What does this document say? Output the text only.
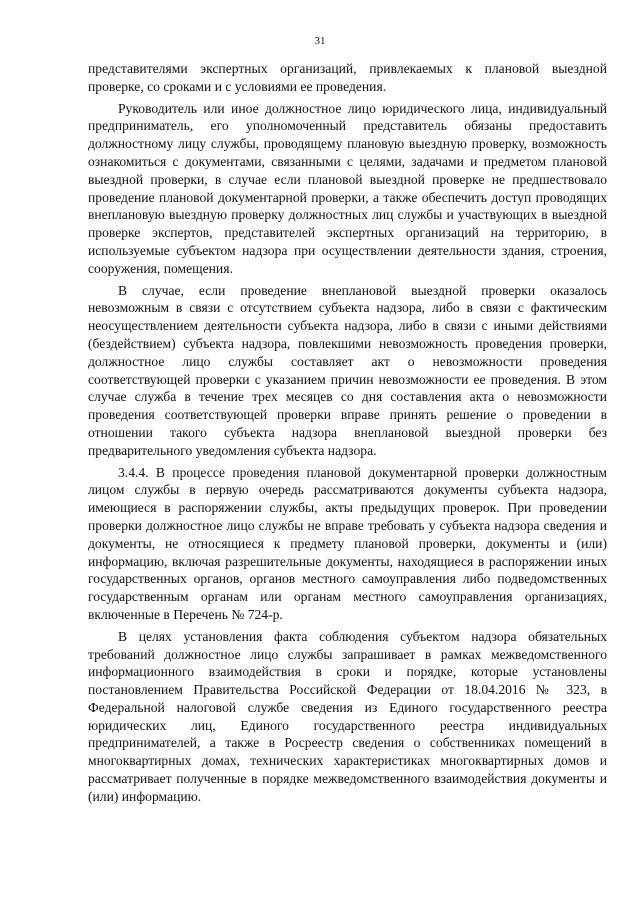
31

представителями экспертных организаций, привлекаемых к плановой выездной проверке, со сроками и с условиями ее проведения.

Руководитель или иное должностное лицо юридического лица, индивидуальный предприниматель, его уполномоченный представитель обязаны предоставить должностному лицу службы, проводящему плановую выездную проверку, возможность ознакомиться с документами, связанными с целями, задачами и предметом плановой выездной проверки, в случае если плановой выездной проверке не предшествовало проведение плановой документарной проверки, а также обеспечить доступ проводящих внеплановую выездную проверку должностных лиц службы и участвующих в выездной проверке экспертов, представителей экспертных организаций на территорию, в используемые субъектом надзора при осуществлении деятельности здания, строения, сооружения, помещения.

В случае, если проведение внеплановой выездной проверки оказалось невозможным в связи с отсутствием субъекта надзора, либо в связи с фактическим неосуществлением деятельности субъекта надзора, либо в связи с иными действиями (бездействием) субъекта надзора, повлекшими невозможность проведения проверки, должностное лицо службы составляет акт о невозможности проведения соответствующей проверки с указанием причин невозможности ее проведения. В этом случае служба в течение трех месяцев со дня составления акта о невозможности проведения соответствующей проверки вправе принять решение о проведении в отношении такого субъекта надзора внеплановой выездной проверки без предварительного уведомления субъекта надзора.

3.4.4. В процессе проведения плановой документарной проверки должностным лицом службы в первую очередь рассматриваются документы субъекта надзора, имеющиеся в распоряжении службы, акты предыдущих проверок. При проведении проверки должностное лицо службы не вправе требовать у субъекта надзора сведения и документы, не относящиеся к предмету плановой проверки, документы и (или) информацию, включая разрешительные документы, находящиеся в распоряжении иных государственных органов, органов местного самоуправления либо подведомственных государственным органам или органам местного самоуправления организациях, включенные в Перечень № 724-р.

В целях установления факта соблюдения субъектом надзора обязательных требований должностное лицо службы запрашивает в рамках межведомственного информационного взаимодействия в сроки и порядке, которые установлены постановлением Правительства Российской Федерации от 18.04.2016 № 323, в Федеральной налоговой службе сведения из Единого государственного реестра юридических лиц, Единого государственного реестра индивидуальных предпринимателей, а также в Росреестр сведения о собственниках помещений в многоквартирных домах, технических характеристиках многоквартирных домов и рассматривает полученные в порядке межведомственного взаимодействия документы и (или) информацию.
